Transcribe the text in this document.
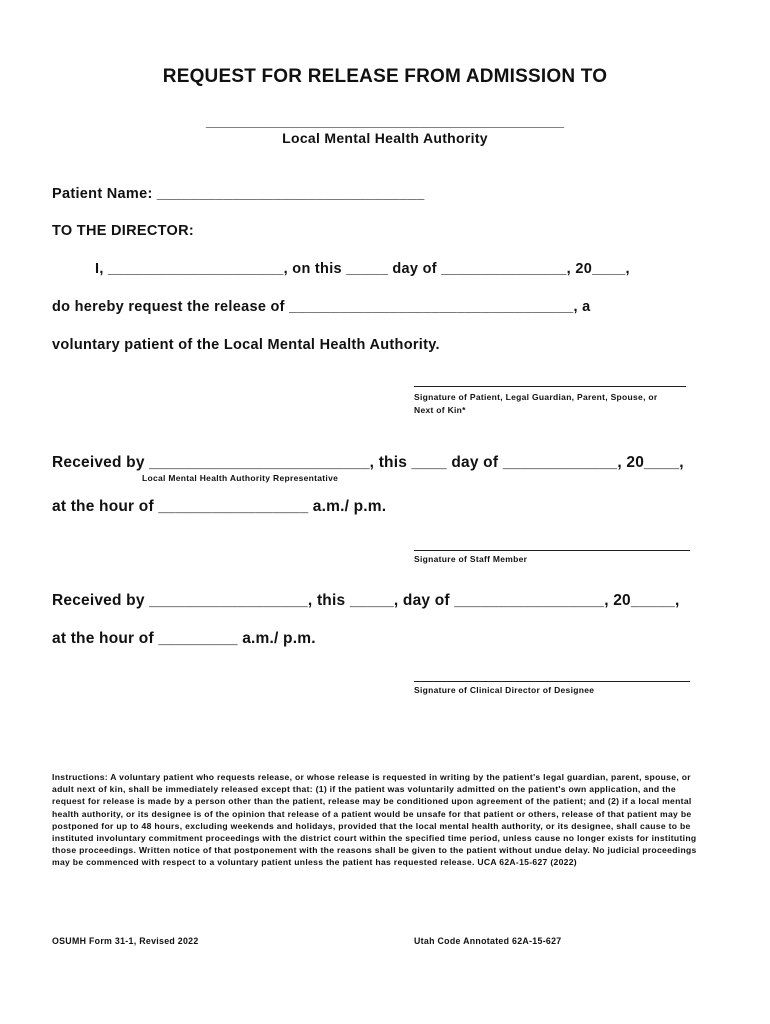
REQUEST FOR RELEASE FROM ADMISSION TO
______________________________________________
Local Mental Health Authority
Patient Name: ________________________________
TO THE DIRECTOR:
I, _____________________, on this _____ day of _______________, 20____,
do hereby request the release of __________________________________, a
voluntary patient of the Local Mental Health Authority.
Signature of Patient, Legal Guardian, Parent, Spouse, or
Next of Kin*
Received by _________________________, this ____ day of _____________, 20____,
Local Mental Health Authority Representative
at the hour of _________________ a.m./ p.m.
Signature of Staff Member
Received by __________________, this _____, day of _________________, 20_____,
at the hour of _________ a.m./ p.m.
Signature of Clinical Director of Designee
Instructions: A voluntary patient who requests release, or whose release is requested in writing by the patient's legal guardian, parent, spouse, or adult next of kin, shall be immediately released except that: (1) if the patient was voluntarily admitted on the patient's own application, and the request for release is made by a person other than the patient, release may be conditioned upon agreement of the patient; and (2) if a local mental health authority, or its designee is of the opinion that release of a patient would be unsafe for that patient or others, release of that patient may be postponed for up to 48 hours, excluding weekends and holidays, provided that the local mental health authority, or its designee, shall cause to be instituted involuntary commitment proceedings with the district court within the specified time period, unless cause no longer exists for instituting those proceedings. Written notice of that postponement with the reasons shall be given to the patient without undue delay. No judicial proceedings may be commenced with respect to a voluntary patient unless the patient has requested release. UCA 62A-15-627 (2022)
OSUMH Form 31-1, Revised 2022	Utah Code Annotated 62A-15-627
